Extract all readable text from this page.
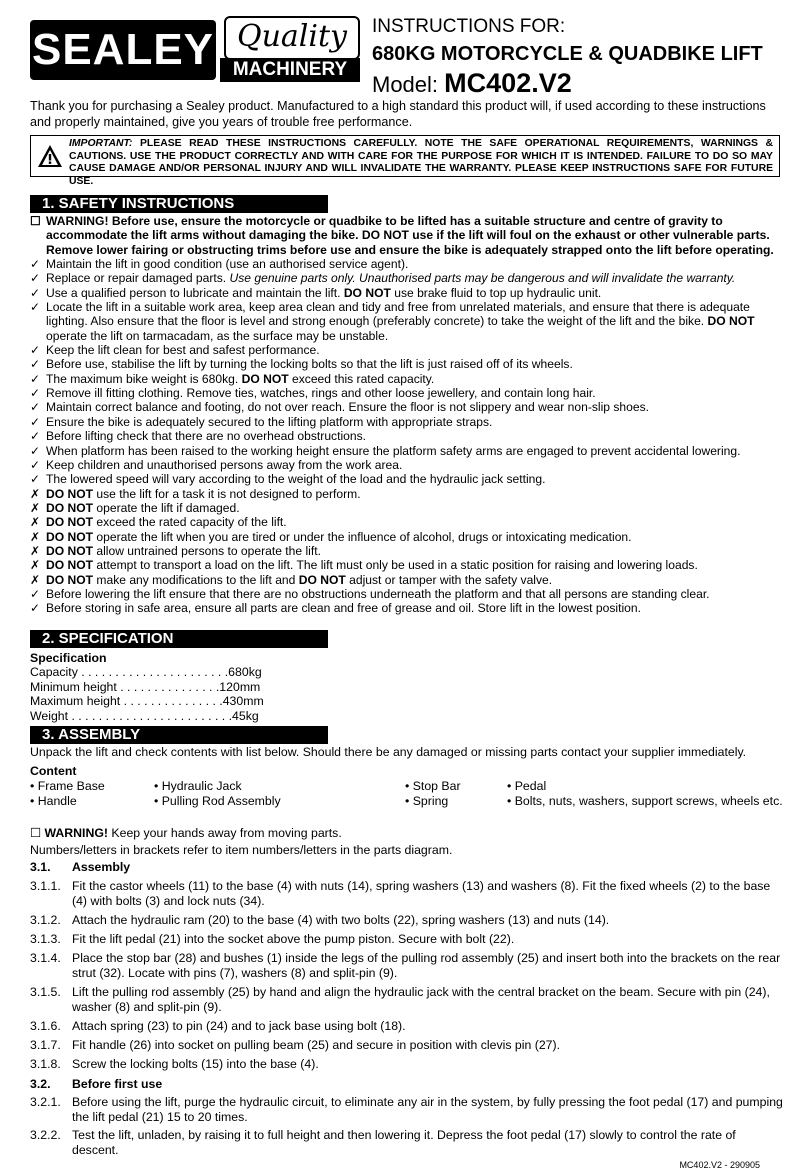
SEALEY Quality
MACHINERY
INSTRUCTIONS FOR:
680KG MOTORCYCLE & QUADBIKE LIFT
Model: MC402.V2
Thank you for purchasing a Sealey product. Manufactured to a high standard this product will, if used according to these instructions and properly maintained, give you years of trouble free performance.
IMPORTANT: PLEASE READ THESE INSTRUCTIONS CAREFULLY. NOTE THE SAFE OPERATIONAL REQUIREMENTS, WARNINGS & CAUTIONS. USE THE PRODUCT CORRECTLY AND WITH CARE FOR THE PURPOSE FOR WHICH IT IS INTENDED. FAILURE TO DO SO MAY CAUSE DAMAGE AND/OR PERSONAL INJURY AND WILL INVALIDATE THE WARRANTY. PLEASE KEEP INSTRUCTIONS SAFE FOR FUTURE USE.
1. SAFETY INSTRUCTIONS

☐ WARNING! Before use, ensure the motorcycle or quadbike to be lifted has a suitable structure and centre of gravity to accommodate the lift arms without damaging the bike. DO NOT use if the lift will foul on the exhaust or other vulnerable parts. Remove lower fairing or obstructing trims before use and ensure the bike is adequately strapped onto the lift before operating.

✓ Maintain the lift in good condition (use an authorised service agent).

✓ Replace or repair damaged parts. Use genuine parts only. Unauthorised parts may be dangerous and will invalidate the warranty.

✓ Use a qualified person to lubricate and maintain the lift. DO NOT use brake fluid to top up hydraulic unit.

✓ Locate the lift in a suitable work area, keep area clean and tidy and free from unrelated materials, and ensure that there is adequate lighting. Also ensure that the floor is level and strong enough (preferably concrete) to take the weight of the lift and the bike. DO NOT operate the lift on tarmacadam, as the surface may be unstable.

✓ Keep the lift clean for best and safest performance.

✓ Before use, stabilise the lift by turning the locking bolts so that the lift is just raised off of its wheels.

✓ The maximum bike weight is 680kg. DO NOT exceed this rated capacity.

✓ Remove ill fitting clothing. Remove ties, watches, rings and other loose jewellery, and contain long hair.

✓ Maintain correct balance and footing, do not over reach. Ensure the floor is not slippery and wear non-slip shoes.

✓ Ensure the bike is adequately secured to the lifting platform with appropriate straps.

✓ Before lifting check that there are no overhead obstructions.

✓ When platform has been raised to the working height ensure the platform safety arms are engaged to prevent accidental lowering.

✓ Keep children and unauthorised persons away from the work area.

✓ The lowered speed will vary according to the weight of the load and the hydraulic jack setting.

✗ DO NOT use the lift for a task it is not designed to perform.

✗ DO NOT operate the lift if damaged.

✗ DO NOT exceed the rated capacity of the lift.

✗ DO NOT operate the lift when you are tired or under the influence of alcohol, drugs or intoxicating medication.

✗ DO NOT allow untrained persons to operate the lift.

✗ DO NOT attempt to transport a load on the lift. The lift must only be used in a static position for raising and lowering loads.

✗ DO NOT make any modifications to the lift and DO NOT adjust or tamper with the safety valve.

✓ Before lowering the lift ensure that there are no obstructions underneath the platform and that all persons are standing clear.

✓ Before storing in safe area, ensure all parts are clean and free of grease and oil. Store lift in the lowest position.

2. SPECIFICATION

Specification

Capacity . . . . . . . . . . . . . . . . . . . . . .680kg

Minimum height . . . . . . . . . . . . . . .120mm

Maximum height . . . . . . . . . . . . . . .430mm

Weight . . . . . . . . . . . . . . . . . . . . . . . .45kg

3. ASSEMBLY

Unpack the lift and check contents with list below. Should there be any damaged or missing parts contact your supplier immediately.

Content

• Frame Base	• Hydraulic Jack	• Stop Bar	• Pedal
• Handle	• Pulling Rod Assembly	• Spring	• Bolts, nuts, washers, support screws, wheels etc.

☐ WARNING! Keep your hands away from moving parts.

Numbers/letters in brackets refer to item numbers/letters in the parts diagram.

3.1. Assembly

3.1.1. Fit the castor wheels (11) to the base (4) with nuts (14), spring washers (13) and washers (8). Fit the fixed wheels (2) to the base (4) with bolts (3) and lock nuts (34).

3.1.2. Attach the hydraulic ram (20) to the base (4) with two bolts (22), spring washers (13) and nuts (14).

3.1.3. Fit the lift pedal (21) into the socket above the pump piston. Secure with bolt (22).

3.1.4. Place the stop bar (28) and bushes (1) inside the legs of the pulling rod assembly (25) and insert both into the brackets on the rear strut (32). Locate with pins (7), washers (8) and split-pin (9).

3.1.5. Lift the pulling rod assembly (25) by hand and align the hydraulic jack with the central bracket on the beam. Secure with pin (24), washer (8) and split-pin (9).

3.1.6. Attach spring (23) to pin (24) and to jack base using bolt (18).

3.1.7. Fit handle (26) into socket on pulling beam (25) and secure in position with clevis pin (27).

3.1.8. Screw the locking bolts (15) into the base (4).

3.2. Before first use

3.2.1. Before using the lift, purge the hydraulic circuit, to eliminate any air in the system, by fully pressing the foot pedal (17) and pumping the lift pedal (21) 15 to 20 times.

3.2.2. Test the lift, unladen, by raising it to full height and then lowering it. Depress the foot pedal (17) slowly to control the rate of descent.

MC402.V2 - 290905
